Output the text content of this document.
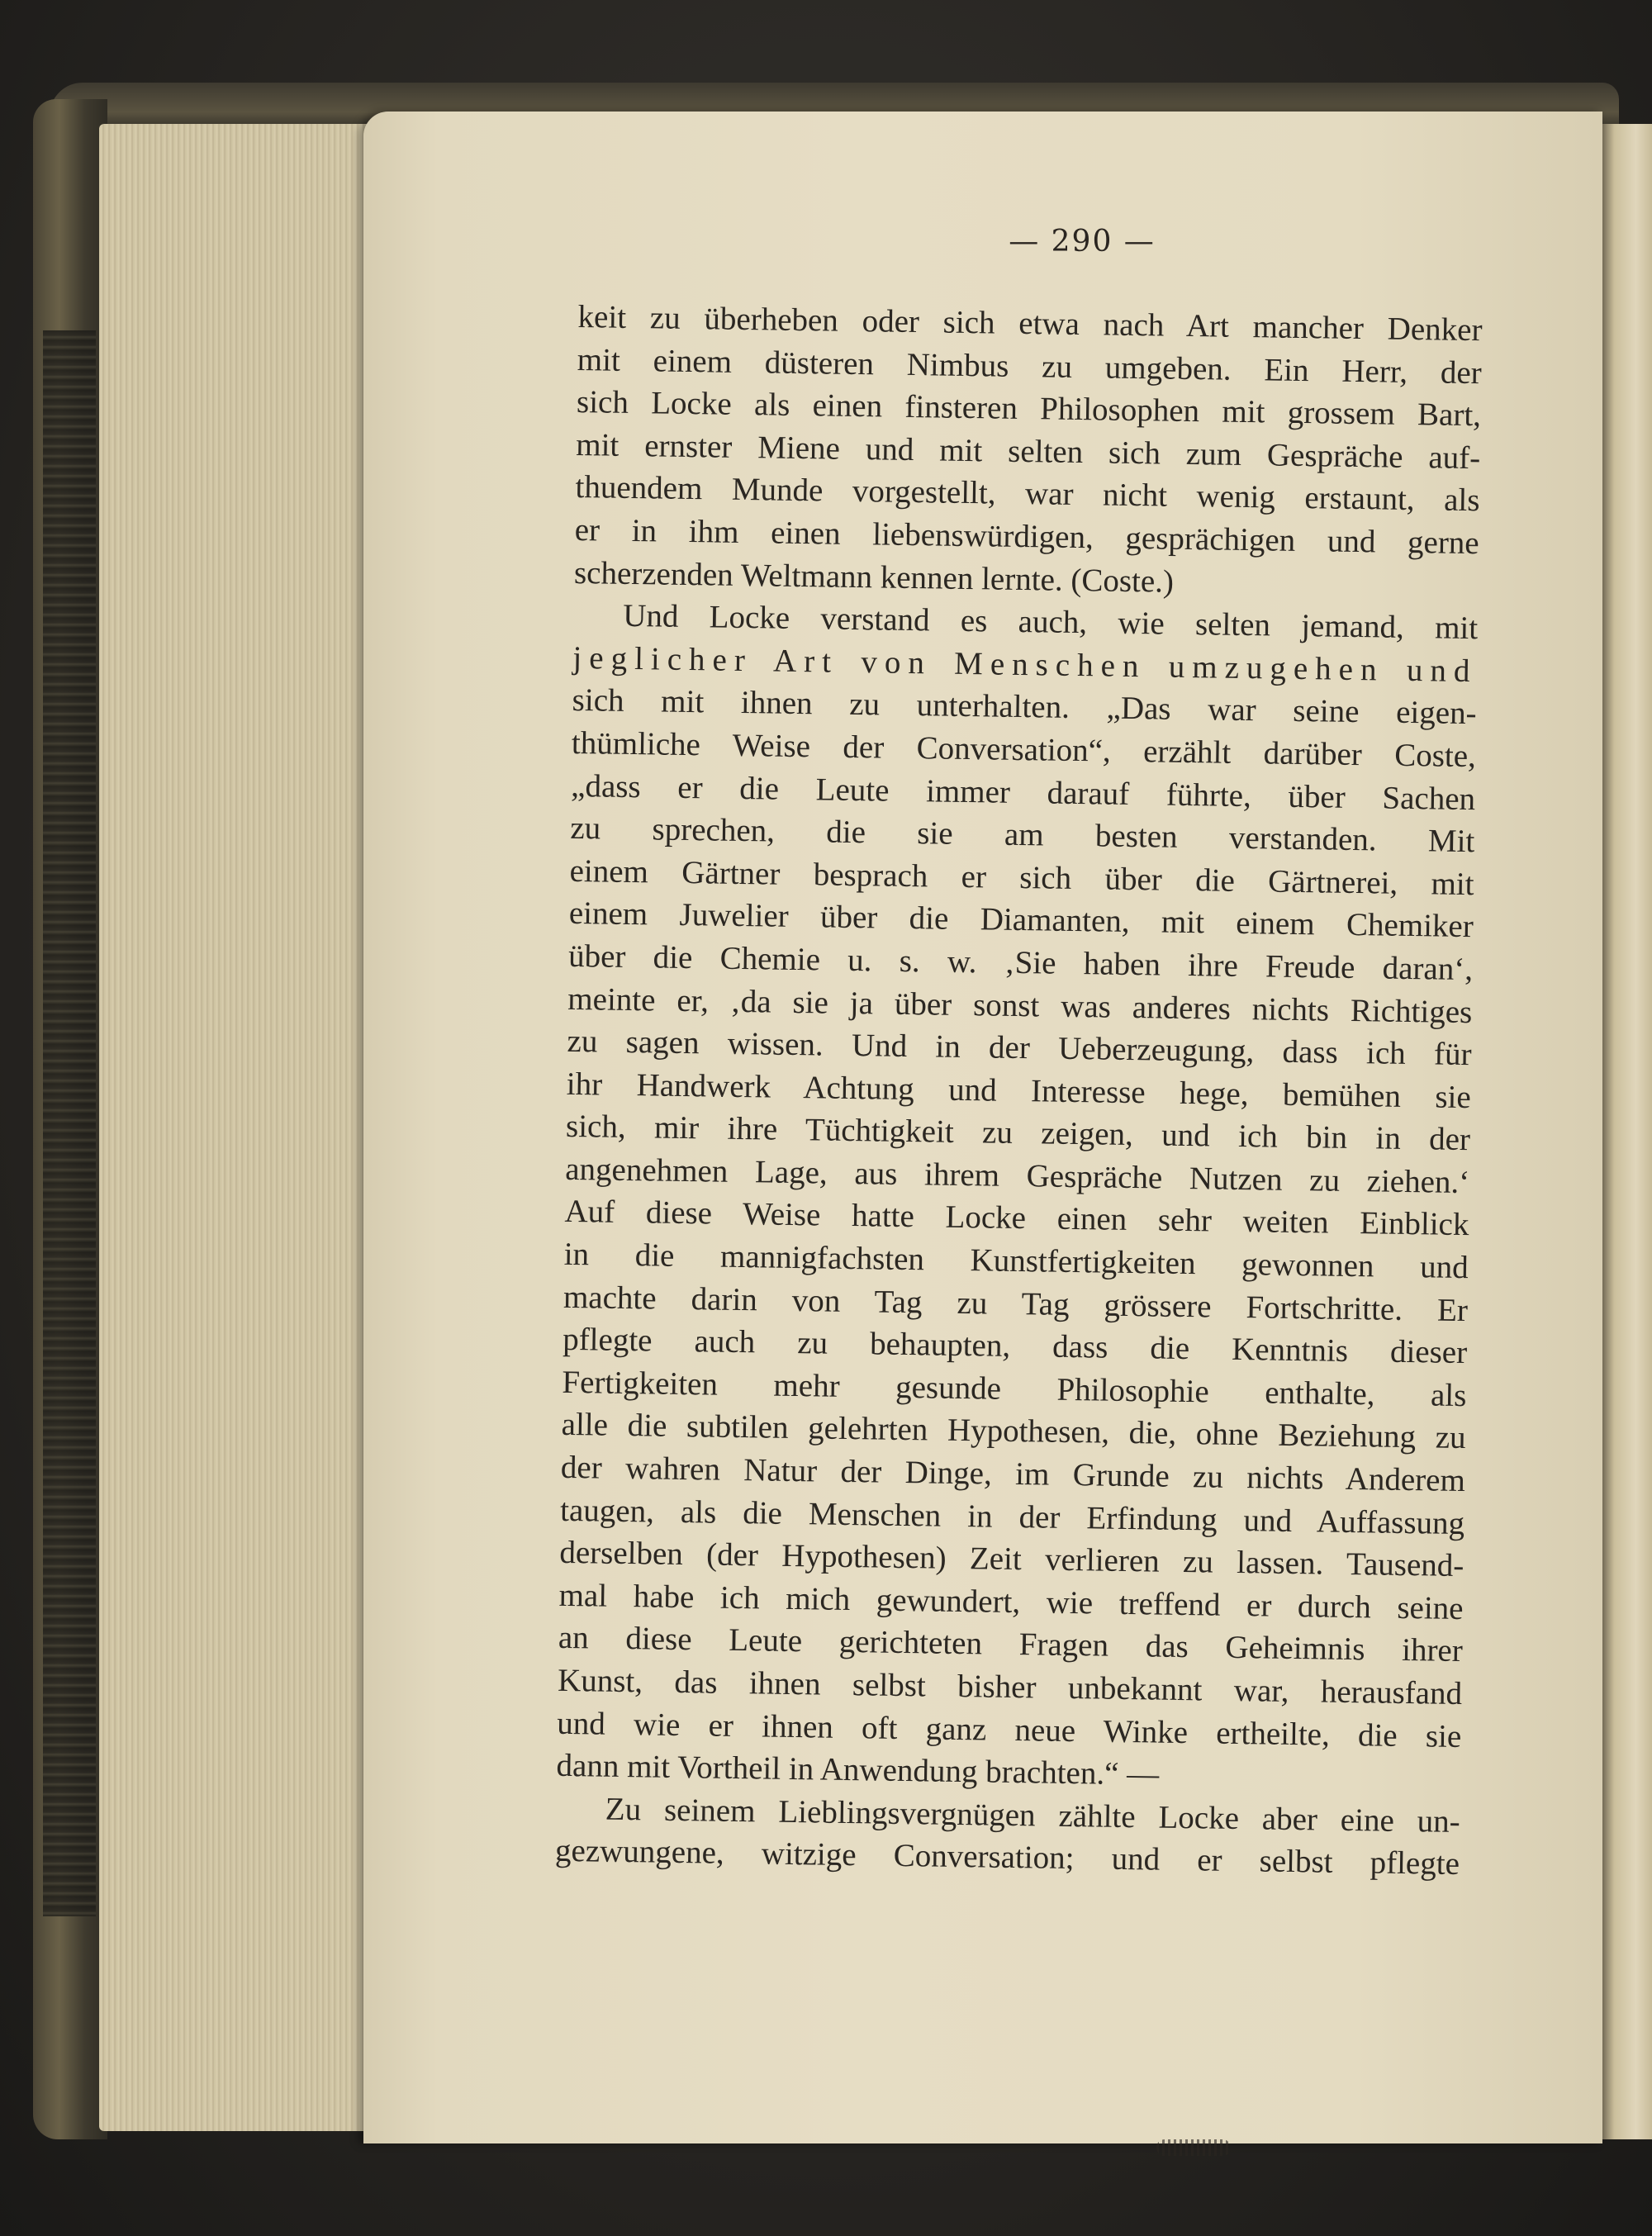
— 290 —
keit zu überheben oder sich etwa nach Art mancher Denker
mit einem düsteren Nimbus zu umgeben. Ein Herr, der
sich Locke als einen finsteren Philosophen mit grossem Bart,
mit ernster Miene und mit selten sich zum Gespräche auf-
thuendem Munde vorgestellt, war nicht wenig erstaunt, als
er in ihm einen liebenswürdigen, gesprächigen und gerne
scherzenden Weltmann kennen lernte. (Coste.)
Und Locke verstand es auch, wie selten jemand, mit
jeglicher Art von Menschen umzugehen und
sich mit ihnen zu unterhalten. „Das war seine eigen-
thümliche Weise der Conversation“, erzählt darüber Coste,
„dass er die Leute immer darauf führte, über Sachen
zu sprechen, die sie am besten verstanden. Mit
einem Gärtner besprach er sich über die Gärtnerei, mit
einem Juwelier über die Diamanten, mit einem Chemiker
über die Chemie u. s. w. ‚Sie haben ihre Freude daran‘,
meinte er, ‚da sie ja über sonst was anderes nichts Richtiges
zu sagen wissen. Und in der Ueberzeugung, dass ich für
ihr Handwerk Achtung und Interesse hege, bemühen sie
sich, mir ihre Tüchtigkeit zu zeigen, und ich bin in der
angenehmen Lage, aus ihrem Gespräche Nutzen zu ziehen.‘
Auf diese Weise hatte Locke einen sehr weiten Einblick
in die mannigfachsten Kunstfertigkeiten gewonnen und
machte darin von Tag zu Tag grössere Fortschritte. Er
pflegte auch zu behaupten, dass die Kenntnis dieser
Fertigkeiten mehr gesunde Philosophie enthalte, als
alle die subtilen gelehrten Hypothesen, die, ohne Beziehung zu
der wahren Natur der Dinge, im Grunde zu nichts Anderem
taugen, als die Menschen in der Erfindung und Auffassung
derselben (der Hypothesen) Zeit verlieren zu lassen. Tausend-
mal habe ich mich gewundert, wie treffend er durch seine
an diese Leute gerichteten Fragen das Geheimnis ihrer
Kunst, das ihnen selbst bisher unbekannt war, herausfand
und wie er ihnen oft ganz neue Winke ertheilte, die sie
dann mit Vortheil in Anwendung brachten.“ —
Zu seinem Lieblingsvergnügen zählte Locke aber eine un-
gezwungene, witzige Conversation; und er selbst pflegte
